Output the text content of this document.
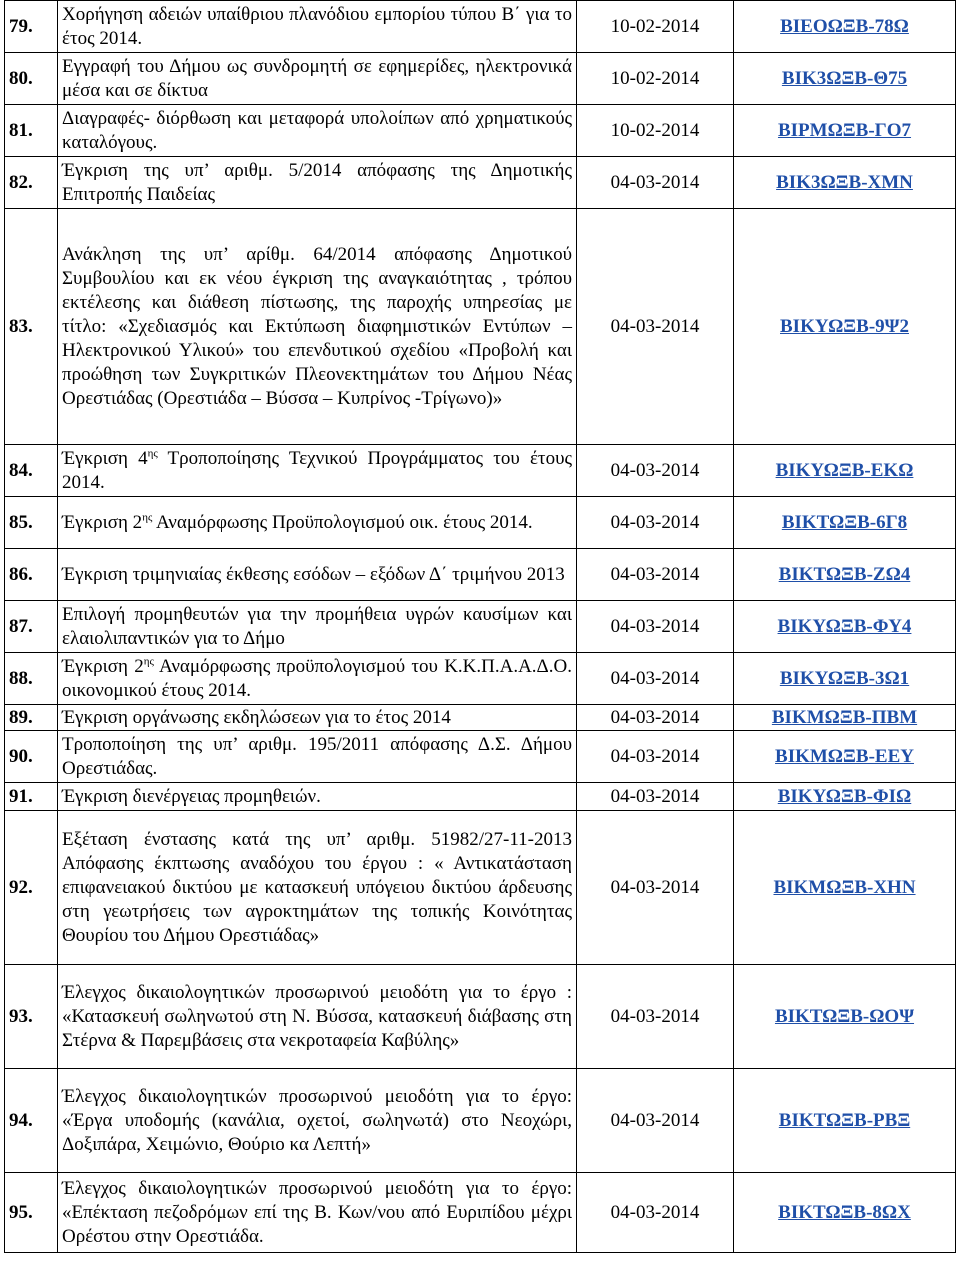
79.	Χορήγηση αδειών υπαίθριου πλανόδιου εμπορίου τύπου Β΄ για το έτος 2014.	10-02-2014	ΒΙΕΟΩΞΒ-78Ω
80.	Εγγραφή του Δήμου ως συνδρομητή σε εφημερίδες, ηλεκτρονικά μέσα και σε δίκτυα	10-02-2014	ΒΙΚ3ΩΞΒ-Θ75
81.	Διαγραφές- διόρθωση και μεταφορά υπολοίπων από χρηματικούς καταλόγους.	10-02-2014	ΒΙΡΜΩΞΒ-ΓΟ7
82.	Έγκριση της υπ’ αριθμ. 5/2014 απόφασης της Δημοτικής Επιτροπής Παιδείας	04-03-2014	ΒΙΚ3ΩΞΒ-ΧΜΝ
83.	Ανάκληση της υπ’ αρίθμ. 64/2014 απόφασης Δημοτικού Συμβουλίου και εκ νέου έγκριση της αναγκαιότητας , τρόπου εκτέλεσης και διάθεση πίστωσης, της παροχής υπηρεσίας με τίτλο: «Σχεδιασμός και Εκτύπωση διαφημιστικών Εντύπων – Ηλεκτρονικού Υλικού» του επενδυτικού σχεδίου «Προβολή και προώθηση των Συγκριτικών Πλεονεκτημάτων του Δήμου Νέας Ορεστιάδας (Ορεστιάδα – Βύσσα – Κυπρίνος -Τρίγωνο)»	04-03-2014	ΒΙΚΥΩΞΒ-9Ψ2
84.	Έγκριση $4^{\eta\varsigma}$ Τροποποίησης Τεχνικού Προγράμματος του έτους 2014.	04-03-2014	ΒΙΚΥΩΞΒ-ΕΚΩ
85.	Έγκριση $2^{\eta\varsigma}$ Αναμόρφωσης Προϋπολογισμού οικ. έτους 2014.	04-03-2014	ΒΙΚΤΩΞΒ-6Γ8
86.	Έγκριση τριμηνιαίας έκθεσης εσόδων – εξόδων Δ΄ τριμήνου 2013	04-03-2014	ΒΙΚΤΩΞΒ-ΖΩ4
87.	Επιλογή προμηθευτών για την προμήθεια υγρών καυσίμων και ελαιολιπαντικών για το Δήμο	04-03-2014	ΒΙΚΥΩΞΒ-ΦΥ4
88.	Έγκριση $2^{\eta\varsigma}$ Αναμόρφωσης προϋπολογισμού του Κ.Κ.Π.Α.Α.Δ.Ο. οικονομικού έτους 2014.	04-03-2014	ΒΙΚΥΩΞΒ-3Ω1
89.	Έγκριση οργάνωσης εκδηλώσεων για το έτος 2014	04-03-2014	ΒΙΚΜΩΞΒ-ΠΒΜ
90.	Τροποποίηση της υπ’ αριθμ. 195/2011 απόφασης Δ.Σ. Δήμου Ορεστιάδας.	04-03-2014	ΒΙΚΜΩΞΒ-ΕΕΥ
91.	Έγκριση διενέργειας προμηθειών.	04-03-2014	ΒΙΚΥΩΞΒ-ΦΙΩ
92.	Εξέταση ένστασης κατά της υπ’ αριθμ. 51982/27-11-2013 Απόφασης έκπτωσης αναδόχου του έργου : « Αντικατάσταση επιφανειακού δικτύου με κατασκευή υπόγειου δικτύου άρδευσης στη γεωτρήσεις των αγροκτημάτων της τοπικής Κοινότητας Θουρίου του Δήμου Ορεστιάδας»	04-03-2014	ΒΙΚΜΩΞΒ-ΧΗΝ
93.	Έλεγχος δικαιολογητικών προσωρινού μειοδότη για το έργο : «Κατασκευή σωληνωτού στη Ν. Βύσσα, κατασκευή διάβασης στη Στέρνα & Παρεμβάσεις στα νεκροταφεία Καβύλης»	04-03-2014	ΒΙΚΤΩΞΒ-ΩΟΨ
94.	Έλεγχος δικαιολογητικών προσωρινού μειοδότη για το έργο: «Έργα υποδομής (κανάλια, οχετοί, σωληνωτά) στο Νεοχώρι, Δοξιπάρα, Χειμώνιο, Θούριο κα Λεπτή»	04-03-2014	ΒΙΚΤΩΞΒ-ΡΒΞ
95.	Έλεγχος δικαιολογητικών προσωρινού μειοδότη για το έργο: «Επέκταση πεζοδρόμων επί της Β. Κων/νου από Ευριπίδου μέχρι Ορέστου στην Ορεστιάδα.	04-03-2014	ΒΙΚΤΩΞΒ-8ΩΧ
